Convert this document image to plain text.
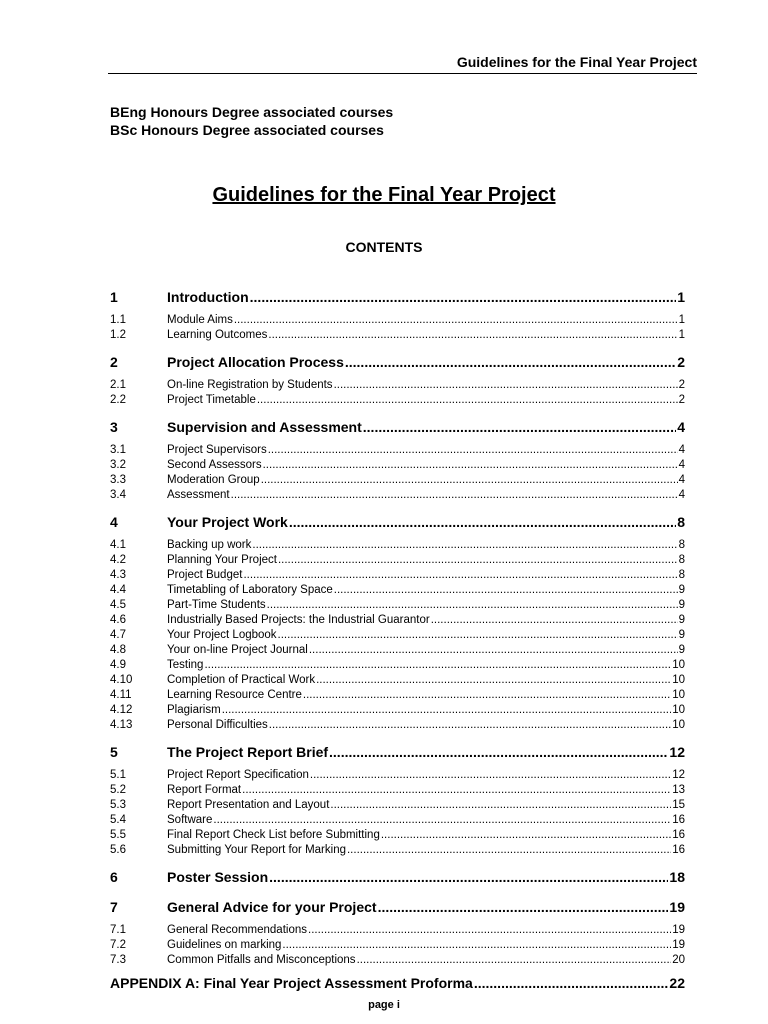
Guidelines for the Final Year Project
BEng Honours Degree associated courses
BSc Honours Degree associated courses
Guidelines for the Final Year Project
CONTENTS
1	Introduction .....	1
1.1	Module Aims .....	1
1.2	Learning Outcomes .....	1
2	Project Allocation Process .....	2
2.1	On-line Registration by Students .....	2
2.2	Project Timetable .....	2
3	Supervision and Assessment .....	4
3.1	Project Supervisors .....	4
3.2	Second Assessors .....	4
3.3	Moderation Group .....	4
3.4	Assessment .....	4
4	Your Project Work .....	8
4.1	Backing up work .....	8
4.2	Planning Your Project .....	8
4.3	Project Budget .....	8
4.4	Timetabling of Laboratory Space .....	9
4.5	Part-Time Students .....	9
4.6	Industrially Based Projects: the Industrial Guarantor .....	9
4.7	Your Project Logbook .....	9
4.8	Your on-line Project Journal .....	9
4.9	Testing .....	10
4.10	Completion of Practical Work .....	10
4.11	Learning Resource Centre .....	10
4.12	Plagiarism .....	10
4.13	Personal Difficulties .....	10
5	The Project Report Brief .....	12
5.1	Project Report Specification .....	12
5.2	Report Format .....	13
5.3	Report Presentation and Layout .....	15
5.4	Software .....	16
5.5	Final Report Check List before Submitting .....	16
5.6	Submitting Your Report for Marking .....	16
6	Poster Session .....	18
7	General Advice for your Project .....	19
7.1	General Recommendations .....	19
7.2	Guidelines on marking .....	19
7.3	Common Pitfalls and Misconceptions .....	20
APPENDIX A: Final Year Project Assessment Proforma .....	22
page i
